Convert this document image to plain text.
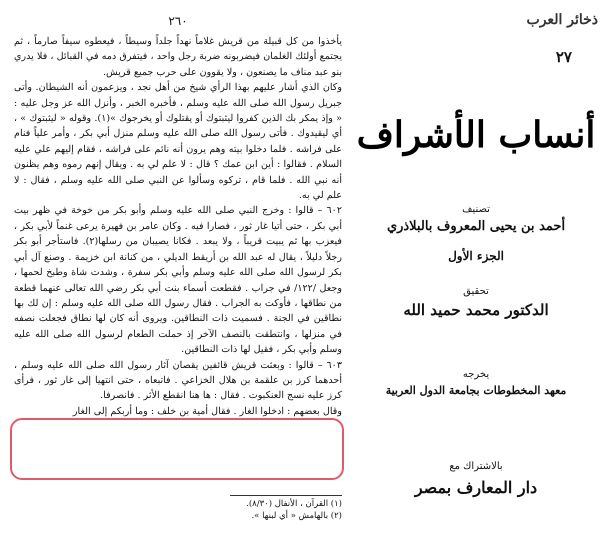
٢٦٠

يأخذوا من كل قبيلة من قريش غلاماً نهداً جلداً وسيطاً ، فيعطوه سيفاً صارماً ، ثم يجتمع أولئك الغلمان فيضربونه ضربة رجل واحد ، فيتفرق دمه في القبائل ، فلا يدري بنو عبد مناف ما يصنعون ، ولا يقوون على حرب جميع قريش.

وكان الذي أشار عليهم بهذا الرأي شيخ من أهل نجد ، ويزعمون أنه الشيطان. وأتى جبريل رسول الله صلى الله عليه وسلم ، فأخبره الخبر ، وأنزل الله عز وجل عليه : « وإذ يمكر بك الذين كفروا ليثبتوك أو يقتلوك أو يخرجوك »(١). وقوله « ليثبتوك » ، أي ليقيدوك . فأتى رسول الله صلى الله عليه وسلم منزل أبي بكر ، وأمر علياً فنام على فراشه . فلما دخلوا بيته وهم يرون أنه نائم على فراشه ، فقام إليهم علي عليه السلام . فقالوا : أين ابن عمك ؟ قال : لا علم لي به . ويقال إنهم رموه وهم يظنون أنه نبي الله . فلما قام ، تركوه وسألوا عن النبي صلى الله عليه وسلم ، فقال : لا علم لي به.

٦٠٢ – قالوا : وخرج النبي صلى الله عليه وسلم وأبو بكر من خوخة في ظهر بيت أبي بكر ، حتى أتيا غار ثور ، فصارا فيه . وكان عامر بن فهيرة يرعى غنماً لأبي بكر ، فيعزب بها ثم يبيت قريباً ، ولا يبعد . فكانا يصيبان من رسلها(٢). فاستأجر أبو بكر رجلاً دليلاً ، يقال له عبد الله بن أريقط الديلي ، من كنانة ابن خزيمة . وصنع آل أبي بكر لرسول الله صلى الله عليه وسلم وأبي بكر سفرة ، وشدت شاة وطبخ لحمها ، وجعل /١٢٢/ في جراب . فقطعت أسماء بنت أبي بكر رضي الله تعالى عنهما قطعة من نطاقها ، فأوكت به الجراب . فقال رسول الله صلى الله عليه وسلم : إن لك بها نطاقين في الجنة . فسميت ذات النطاقين. ويروى أنه كان لها نطاق فجعلت نصفه في منزلها ، وانتطقت بالنصف الآخر إذ حملت الطعام لرسول الله صلى الله عليه وسلم وأبي بكر ، فقيل لها ذات النطاقين.

٦٠٣ – قالوا : وبعثت قريش قائفين يقصان آثار رسول الله صلى الله عليه وسلم ، أحدهما كرز بن علقمة بن هلال الخزاعي . فاتبعاه ، حتى انتهيا إلى غار ثور ، فرأى كرز عليه نسج العنكبوت . فقال : ها هنا انقطع الأثر . فانصرفا.

وقال بعضهم : ادخلوا الغار . فقال أمية بن خلف : وما أربكم إلى الغار

(١) القرآن ، الأنفال (٨/٣٠).
(٢) بالهامش « أي لبنها ».
ذخائر العرب
٢٧
أنساب الأشراف
تصنيف
أحمد بن يحيى المعروف بالبلاذري
الجزء الأول
تحقيق
الدكتور محمد حميد الله
يخرجه
معهد المخطوطات بجامعة الدول العربية
بالاشتراك مع
دار المعارف بمصر
